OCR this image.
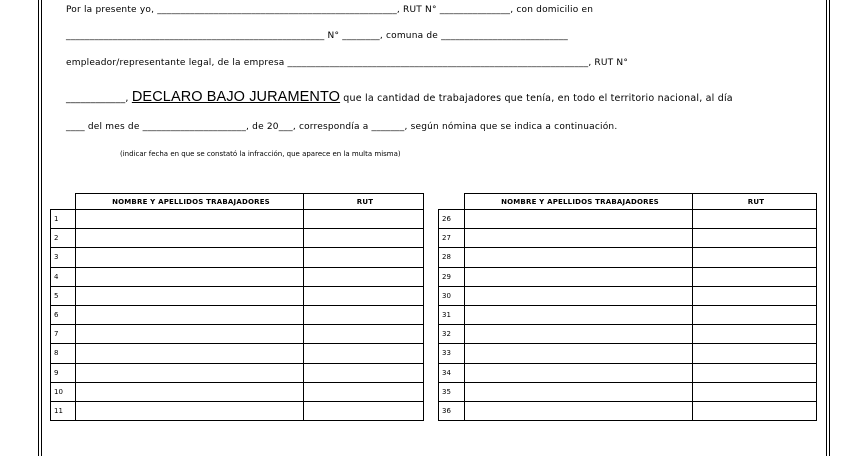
Por la presente yo, ___________________________________________________, RUT N° _______________, con domicilio en
_______________________________________________________ N° ________, comuna de ___________________________
empleador/representante legal, de la empresa ________________________________________________________________, RUT N°
____________, DECLARO BAJO JURAMENTO que la cantidad de trabajadores que tenía, en todo el territorio nacional, al día
____ del mes de ______________________, de 20___, correspondía a _______, según nómina que se indica a continuación.
(indicar fecha en que se constató la infracción, que aparece en la multa misma)
	NOMBRE Y APELLIDOS TRABAJADORES	RUT
1		
2		
3		
4		
5		
6		
7		
8		
9		
10		
11		
	NOMBRE Y APELLIDOS TRABAJADORES	RUT
26		
27		
28		
29		
30		
31		
32		
33		
34		
35		
36		
